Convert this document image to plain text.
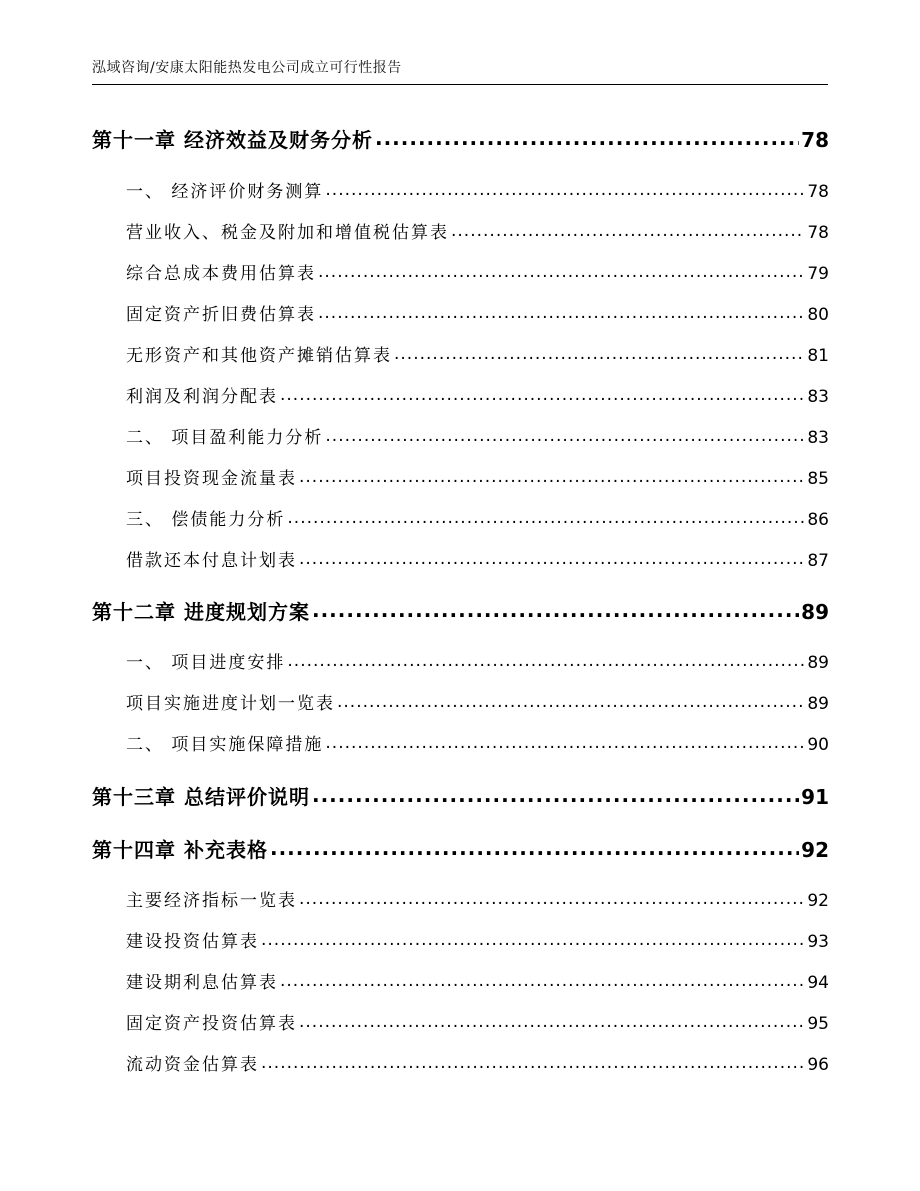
泓域咨询/安康太阳能热发电公司成立可行性报告
第十一章 经济效益及财务分析 .....	78
一、 经济评价财务测算 .....	78
营业收入、税金及附加和增值税估算表 .....	78
综合总成本费用估算表 .....	79
固定资产折旧费估算表 .....	80
无形资产和其他资产摊销估算表 .....	81
利润及利润分配表 .....	83
二、 项目盈利能力分析 .....	83
项目投资现金流量表 .....	85
三、 偿债能力分析 .....	86
借款还本付息计划表 .....	87
第十二章 进度规划方案 .....	89
一、 项目进度安排 .....	89
项目实施进度计划一览表 .....	89
二、 项目实施保障措施 .....	90
第十三章 总结评价说明 .....	91
第十四章 补充表格 .....	92
主要经济指标一览表 .....	92
建设投资估算表 .....	93
建设期利息估算表 .....	94
固定资产投资估算表 .....	95
流动资金估算表 .....	96
